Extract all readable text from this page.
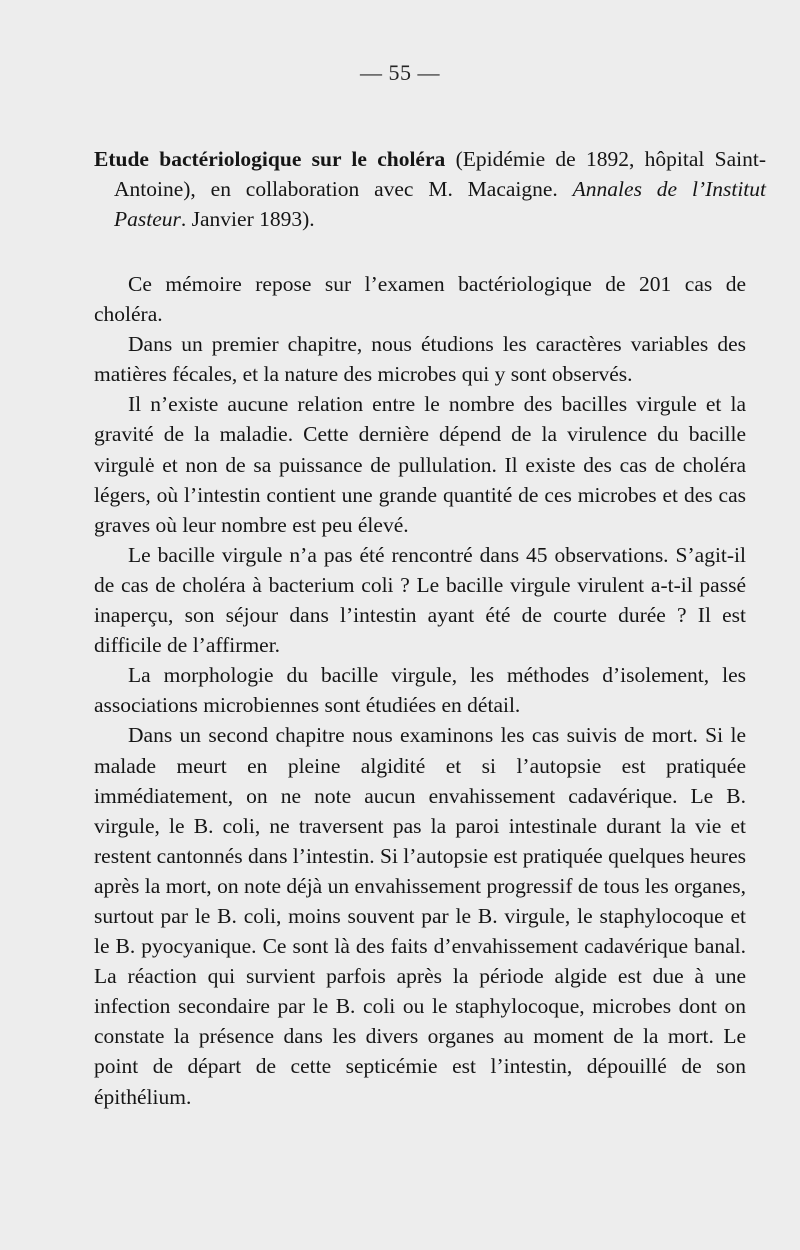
— 55 —
Etude bactériologique sur le choléra (Epidémie de 1892, hôpital Saint-Antoine), en collaboration avec M. Macaigne. Annales de l’Institut Pasteur. Janvier 1893).

Ce mémoire repose sur l’examen bactériologique de 201 cas de choléra.

Dans un premier chapitre, nous étudions les caractères variables des matières fécales, et la nature des microbes qui y sont observés.

Il n’existe aucune relation entre le nombre des bacilles virgule et la gravité de la maladie. Cette dernière dépend de la virulence du bacille virgulė et non de sa puissance de pullulation. Il existe des cas de choléra légers, où l’intestin contient une grande quantité de ces microbes et des cas graves où leur nombre est peu élevé.

Le bacille virgule n’a pas été rencontré dans 45 observations. S’agit-il de cas de choléra à bacterium coli ? Le bacille virgule virulent a-t-il passé inaperçu, son séjour dans l’intestin ayant été de courte durée ? Il est difficile de l’affirmer.

La morphologie du bacille virgule, les méthodes d’isolement, les associations microbiennes sont étudiées en détail.

Dans un second chapitre nous examinons les cas suivis de mort. Si le malade meurt en pleine algidité et si l’autopsie est pratiquée immédiatement, on ne note aucun envahissement cadavérique. Le B. virgule, le B. coli, ne traversent pas la paroi intestinale durant la vie et restent cantonnés dans l’intestin. Si l’autopsie est pratiquée quelques heures après la mort, on note déjà un envahissement progressif de tous les organes, surtout par le B. coli, moins souvent par le B. virgule, le staphylocoque et le B. pyocyanique. Ce sont là des faits d’envahissement cadavérique banal. La réaction qui survient parfois après la période algide est due à une infection secondaire par le B. coli ou le staphylocoque, microbes dont on constate la présence dans les divers organes au moment de la mort. Le point de départ de cette septicémie est l’intestin, dépouillé de son épithélium.
